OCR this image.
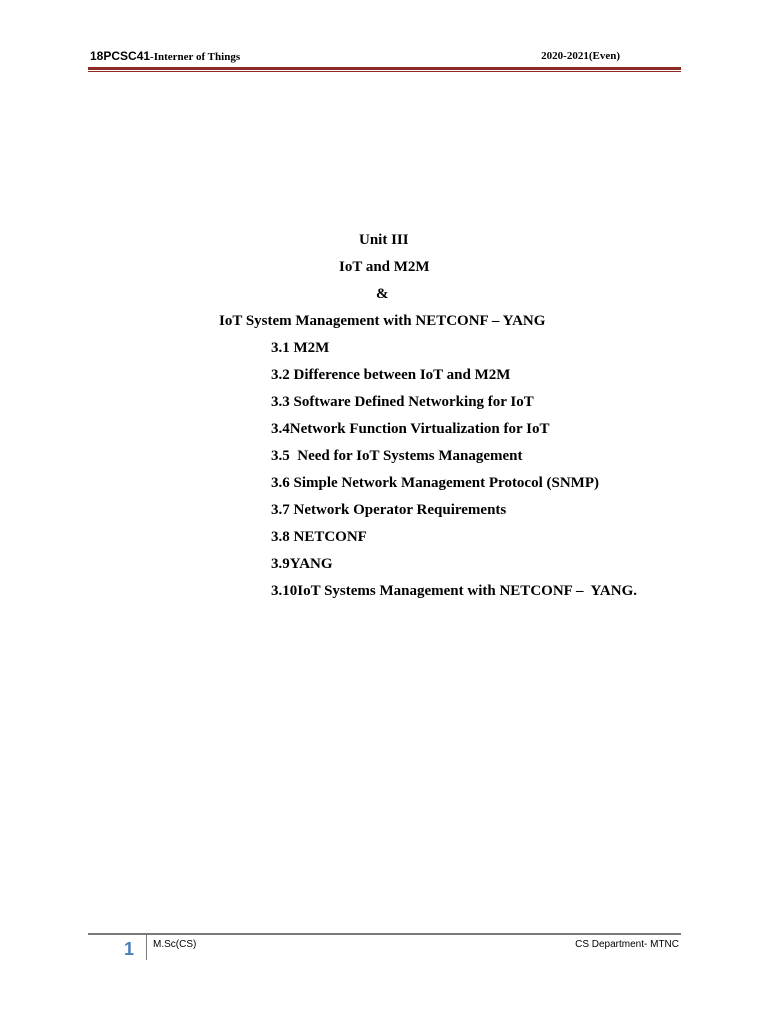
18PCSC41-Interner of Things	2020-2021(Even)
Unit III
IoT and M2M
&
IoT System Management with NETCONF – YANG
3.1 M2M
3.2 Difference between IoT and M2M
3.3 Software Defined Networking for IoT
3.4Network Function Virtualization for IoT
3.5  Need for IoT Systems Management
3.6 Simple Network Management Protocol (SNMP)
3.7 Network Operator Requirements
3.8 NETCONF
3.9YANG
3.10IoT Systems Management with NETCONF –  YANG.
1 M.Sc(CS)	CS Department- MTNC
